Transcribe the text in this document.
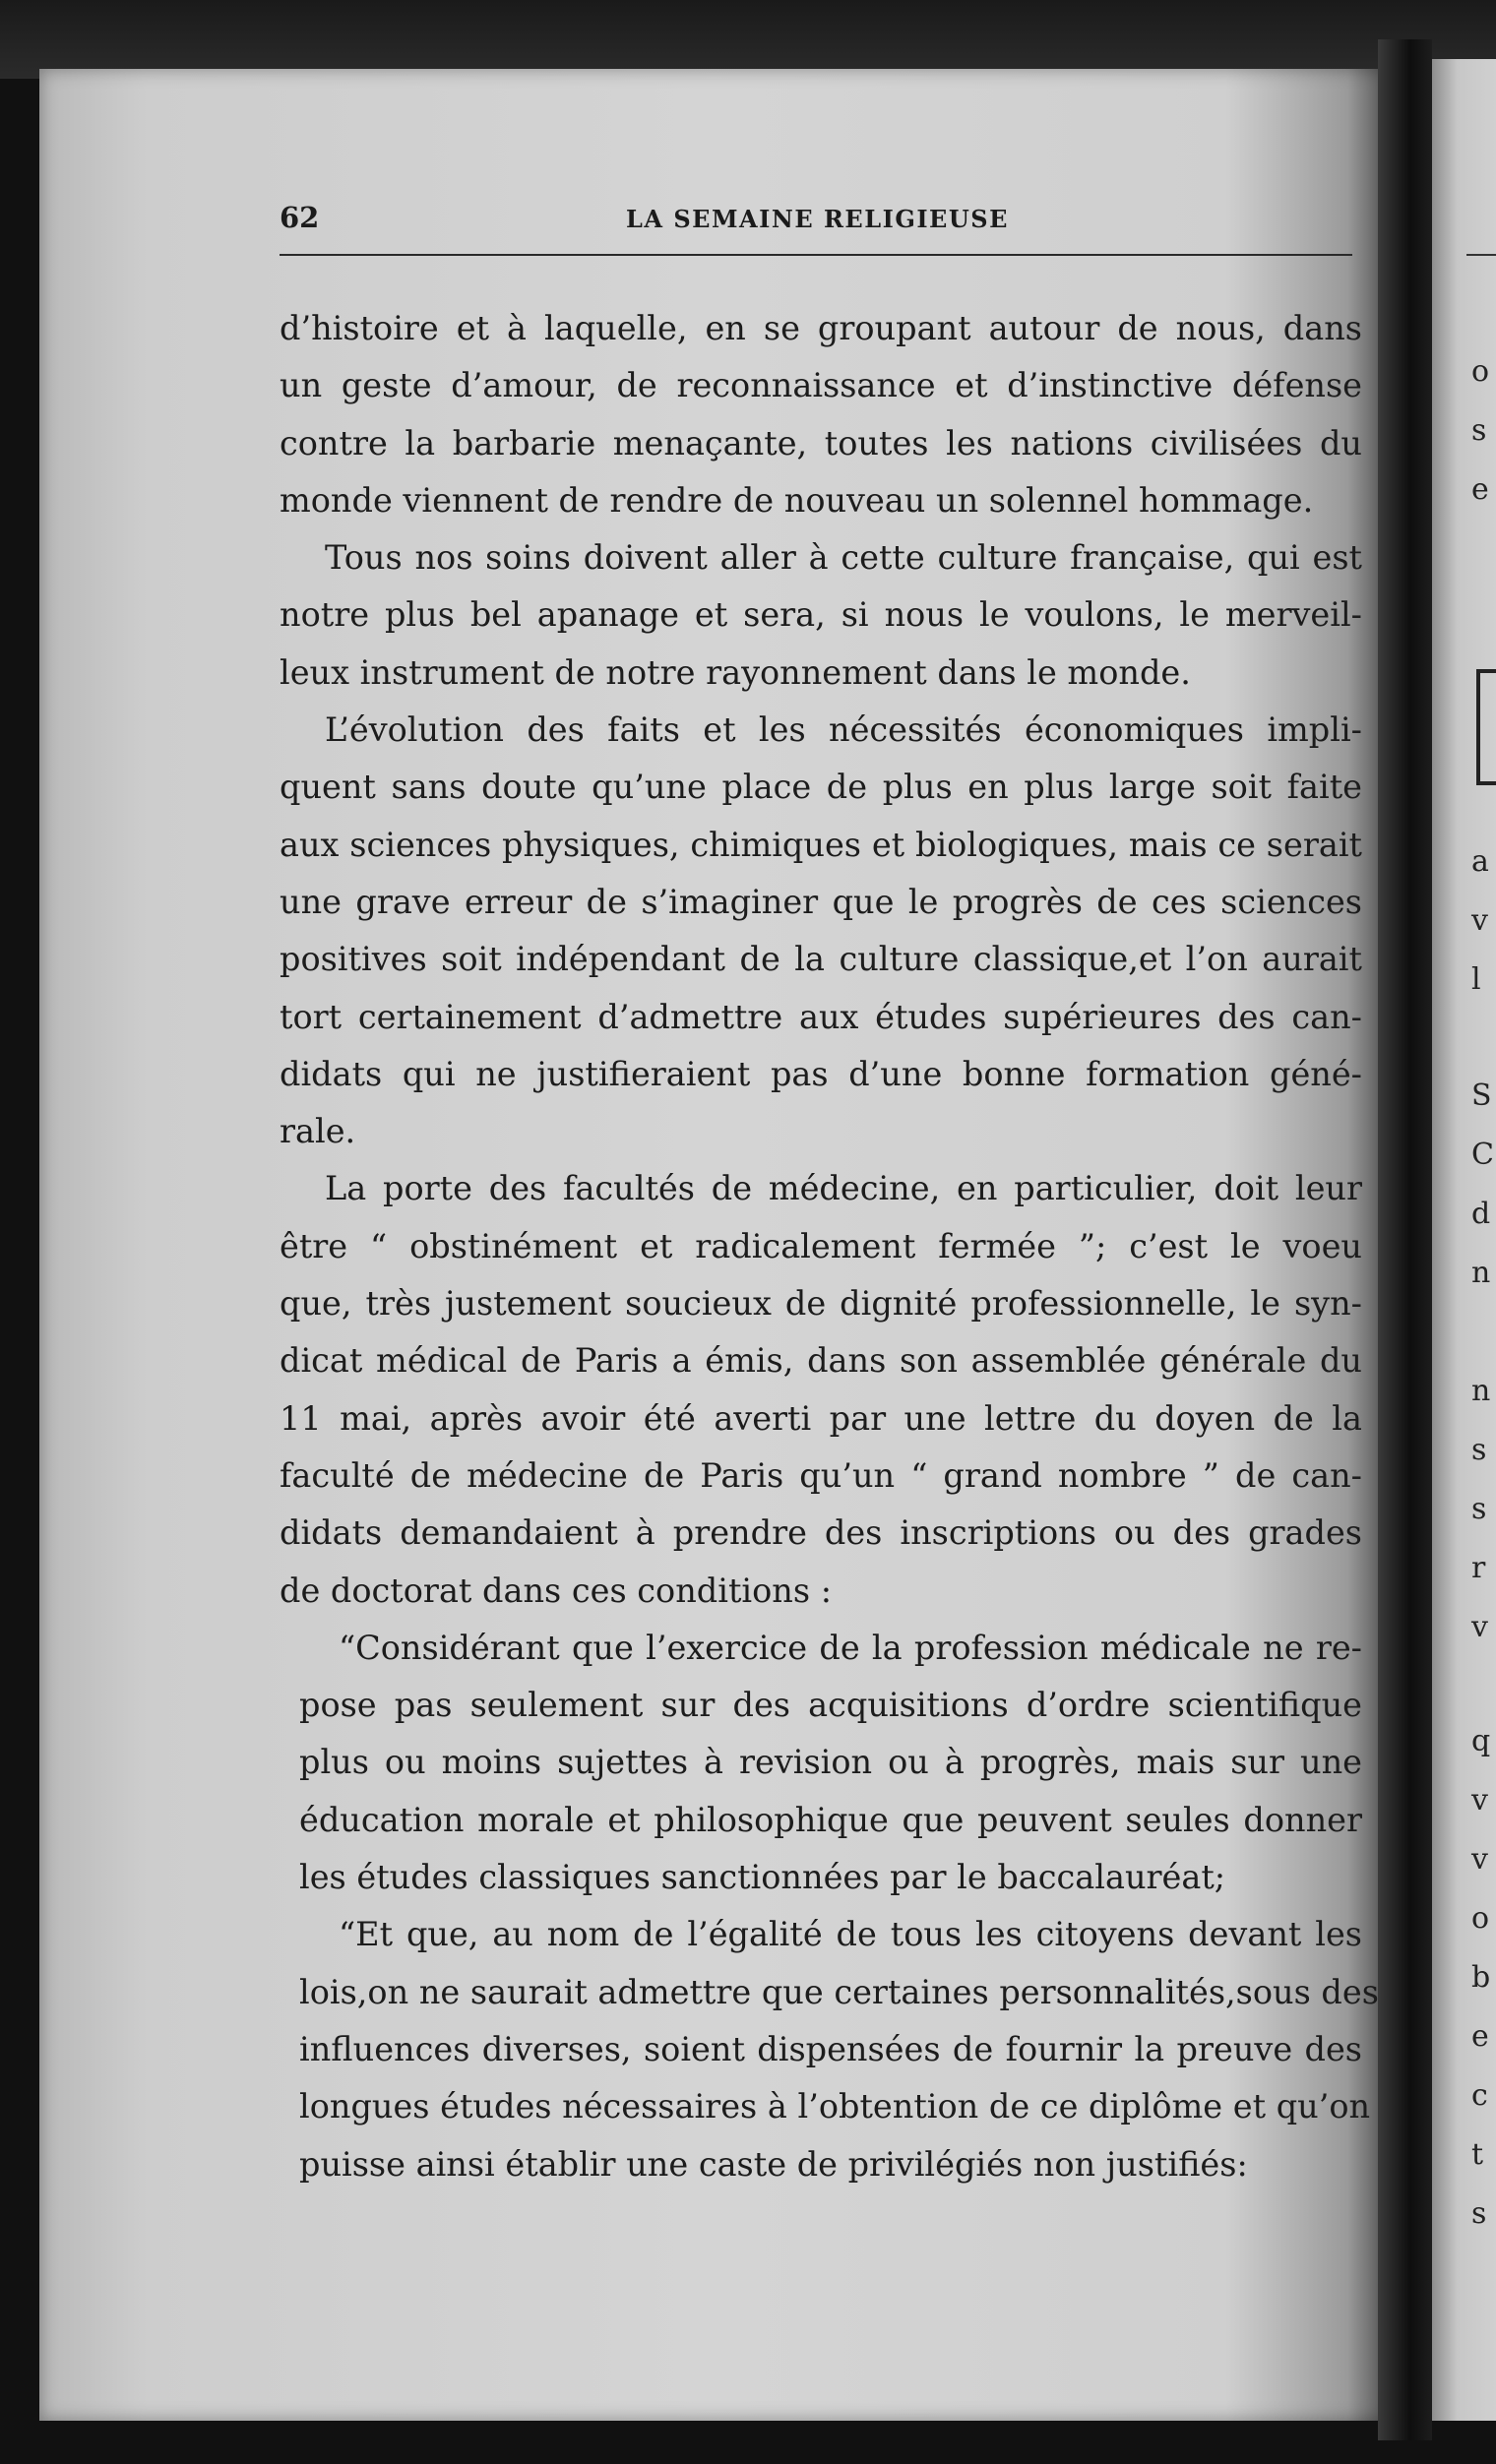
o
s
e
a
v
l
S
C
d
n
n
s
s
r
v
q
v
v
o
b
e
c
t
s
62	LA SEMAINE RELIGIEUSE
d’histoire et à laquelle, en se groupant autour de nous, dans
un geste d’amour, de reconnaissance et d’instinctive défense
contre la barbarie menaçante, toutes les nations civilisées du
monde viennent de rendre de nouveau un solennel hommage.
Tous nos soins doivent aller à cette culture française, qui est
notre plus bel apanage et sera, si nous le voulons, le merveil-
leux instrument de notre rayonnement dans le monde.
L’évolution des faits et les nécessités économiques impli-
quent sans doute qu’une place de plus en plus large soit faite
aux sciences physiques, chimiques et biologiques, mais ce serait
une grave erreur de s’imaginer que le progrès de ces sciences
positives soit indépendant de la culture classique,et l’on aurait
tort certainement d’admettre aux études supérieures des can-
didats qui ne justifieraient pas d’une bonne formation géné-
rale.
La porte des facultés de médecine, en particulier, doit leur
être “ obstinément et radicalement fermée ”; c’est le voeu
que, très justement soucieux de dignité professionnelle, le syn-
dicat médical de Paris a émis, dans son assemblée générale du
11 mai, après avoir été averti par une lettre du doyen de la
faculté de médecine de Paris qu’un “ grand nombre ” de can-
didats demandaient à prendre des inscriptions ou des grades
de doctorat dans ces conditions :
“Considérant que l’exercice de la profession médicale ne re-
pose pas seulement sur des acquisitions d’ordre scientifique
plus ou moins sujettes à revision ou à progrès, mais sur une
éducation morale et philosophique que peuvent seules donner
les études classiques sanctionnées par le baccalauréat;
“Et que, au nom de l’égalité de tous les citoyens devant les
lois,on ne saurait admettre que certaines personnalités,sous des
influences diverses, soient dispensées de fournir la preuve des
longues études nécessaires à l’obtention de ce diplôme et qu’on
puisse ainsi établir une caste de privilégiés non justifiés:
